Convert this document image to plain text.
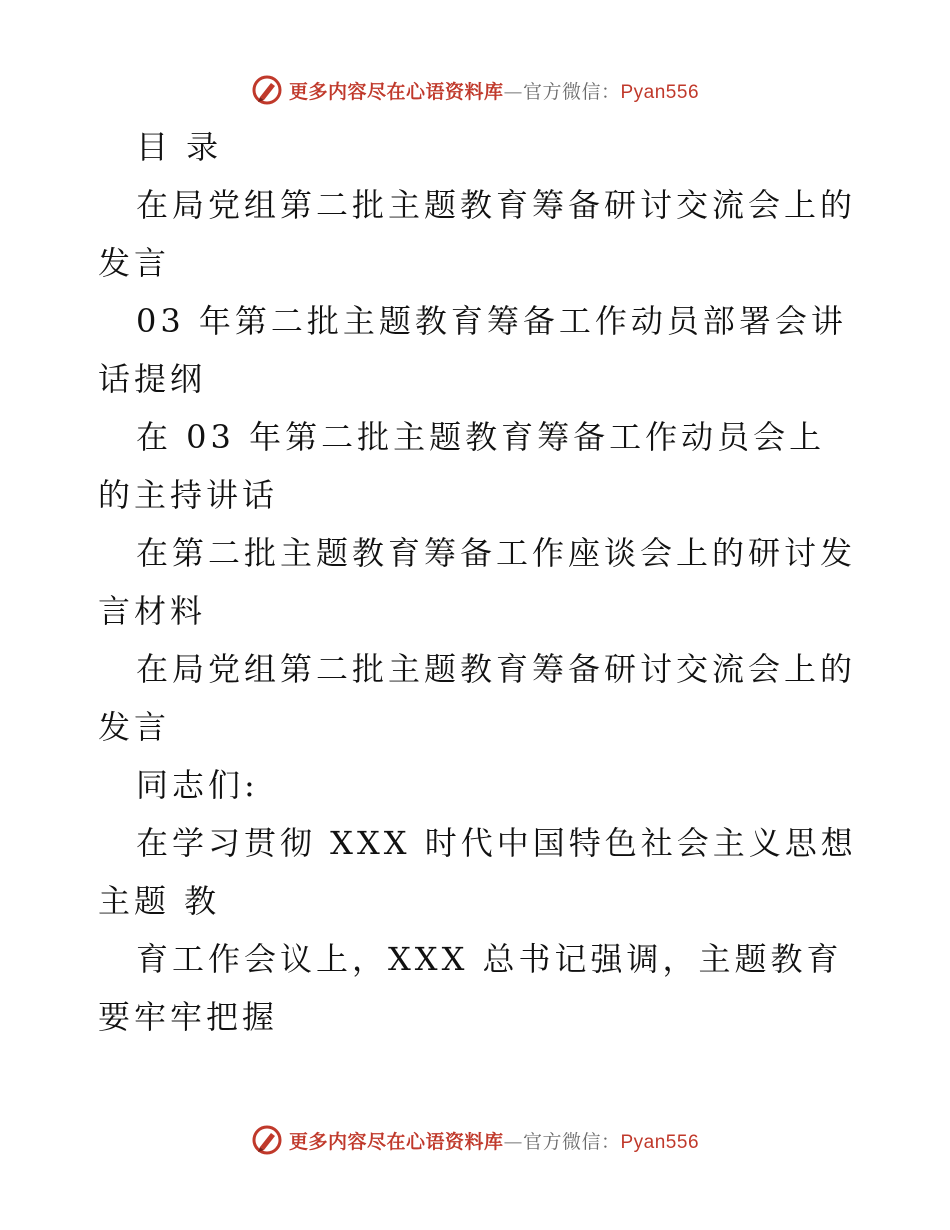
更多内容尽在心语资料库—官方微信：Pyan556

目 录

在局党组第二批主题教育筹备研讨交流会上的发言

03 年第二批主题教育筹备工作动员部署会讲话提纲

在 03 年第二批主题教育筹备工作动员会上的主持讲话

在第二批主题教育筹备工作座谈会上的研讨发言材料

在局党组第二批主题教育筹备研讨交流会上的发言

同志们:

在学习贯彻 XXX 时代中国特色社会主义思想主题 教

育工作会议上，XXX 总书记强调，主题教育要牢牢把握

更多内容尽在心语资料库—官方微信：Pyan556
